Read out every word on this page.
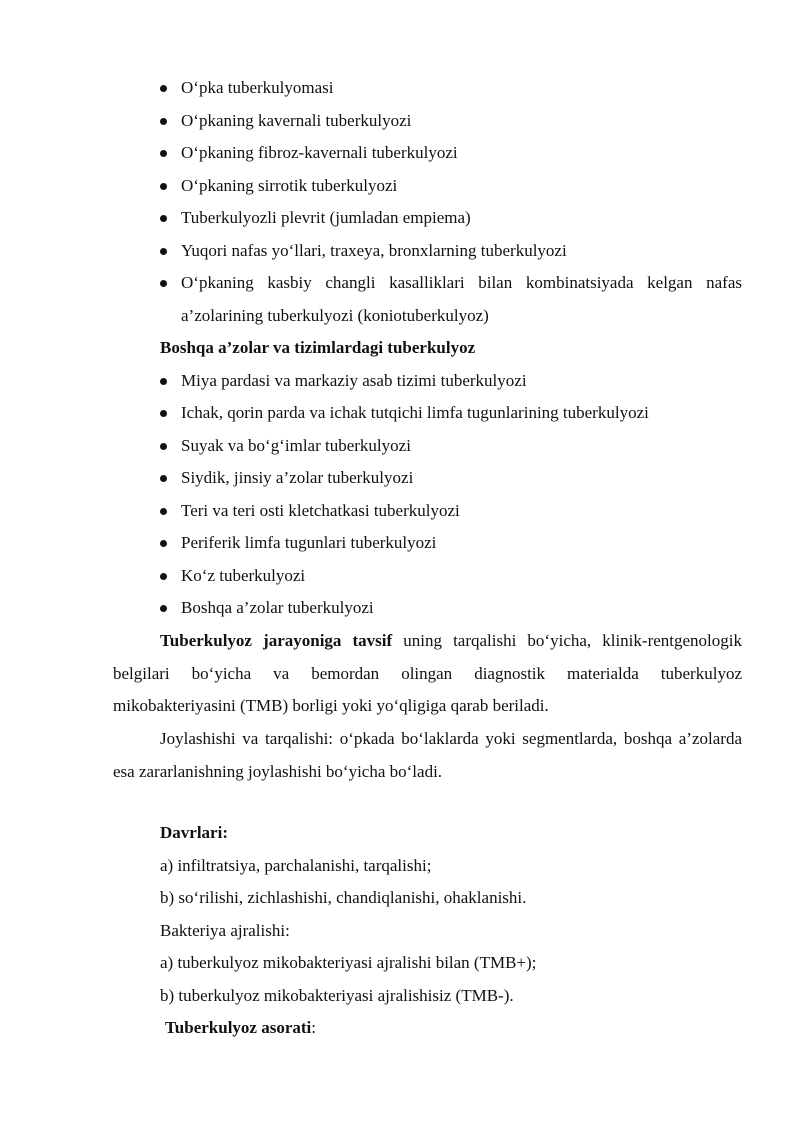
O‘pka tuberkulyomasi
O‘pkaning kavernali tuberkulyozi
O‘pkaning fibroz-kavernali tuberkulyozi
O‘pkaning sirrotik tuberkulyozi
Tuberkulyozli plevrit (jumladan empiema)
Yuqori nafas yo‘llari, traxeya, bronxlarning tuberkulyozi
O‘pkaning kasbiy changli kasalliklari bilan kombinatsiyada kelgan nafas
a’zolarining tuberkulyozi (koniotuberkulyoz)
Boshqa a’zolar va tizimlardagi tuberkulyoz
Miya pardasi va markaziy asab tizimi tuberkulyozi
Ichak, qorin parda va ichak tutqichi limfa tugunlarining tuberkulyozi
Suyak va bo‘g‘imlar tuberkulyozi
Siydik, jinsiy a’zolar tuberkulyozi
Teri va teri osti kletchatkasi tuberkulyozi
Periferik limfa tugunlari tuberkulyozi
Ko‘z tuberkulyozi
Boshqa a’zolar tuberkulyozi
Tuberkulyoz jarayoniga tavsif uning tarqalishi bo‘yicha, klinik-rentgenologik belgilari bo‘yicha va bemordan olingan diagnostik materialda tuberkulyoz mikobakteriyasini (TMB) borligi yoki yo‘qligiga qarab beriladi.
Joylashishi va tarqalishi: o‘pkada bo‘laklarda yoki segmentlarda, boshqa a’zolarda esa zararlanishning joylashishi bo‘yicha bo‘ladi.
Davrlari:
a) infiltratsiya, parchalanishi, tarqalishi;
b) so‘rilishi, zichlashishi, chandiqlanishi, ohaklanishi.
Bakteriya ajralishi:
a) tuberkulyoz mikobakteriyasi ajralishi bilan (TMB+);
b) tuberkulyoz mikobakteriyasi ajralishisiz (TMB-).
Tuberkulyoz asorati:
